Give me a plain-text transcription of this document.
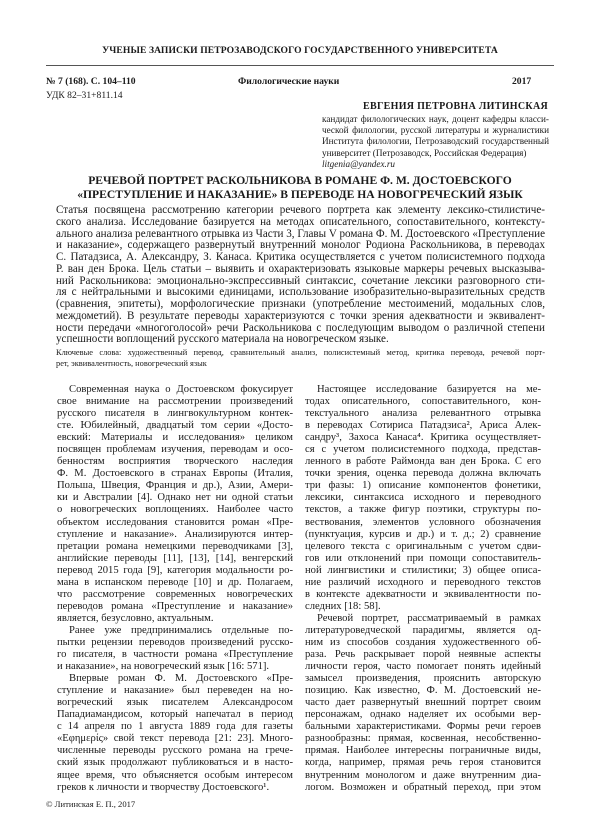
УЧЕНЫЕ ЗАПИСКИ ПЕТРОЗАВОДСКОГО ГОСУДАРСТВЕННОГО УНИВЕРСИТЕТА
№ 7 (168). С. 104–110	Филологические науки	2017
УДК 82–31+811.14
ЕВГЕНИЯ ПЕТРОВНА ЛИТИНСКАЯ
кандидат филологических наук, доцент кафедры класси-
ческой филологии, русской литературы и журналистики
Института филологии, Петрозаводский государственный
университет (Петрозаводск, Российская Федерация)
litgenia@yandex.ru
РЕЧЕВОЙ ПОРТРЕТ РАСКОЛЬНИКОВА В РОМАНЕ Ф. М. ДОСТОЕВСКОГО
«ПРЕСТУПЛЕНИЕ И НАКАЗАНИЕ» В ПЕРЕВОДЕ НА НОВОГРЕЧЕСКИЙ ЯЗЫК
Статья посвящена рассмотрению категории речевого портрета как элементу лексико-стилистиче-
ского анализа. Исследование базируется на методах описательного, сопоставительного, контексту-
ального анализа релевантного отрывка из Части 3, Главы V романа Ф. М. Достоевского «Преступление
и наказание», содержащего развернутый внутренний монолог Родиона Раскольникова, в переводах
С. Патадзиса, А. Александру, З. Канаса. Критика осуществляется с учетом полисистемного подхода
Р. ван ден Брока. Цель статьи – выявить и охарактеризовать языковые маркеры речевых высказыва-
ний Раскольникова: эмоционально-экспрессивный синтаксис, сочетание лексики разговорного сти-
ля с нейтральными и высокими единицами, использование изобразительно-выразительных средств
(сравнения, эпитеты), морфологические признаки (употребление местоимений, модальных слов,
междометий). В результате переводы характеризуются с точки зрения адекватности и эквивалент-
ности передачи «многоголосой» речи Раскольникова с последующим выводом о различной степени
успешности воплощений русского материала на новогреческом языке.
Ключевые слова: художественный перевод, сравнительный анализ, полисистемный метод, критика перевода, речевой порт-
рет, эквивалентность, новогреческий язык
Современная наука о Достоевском фокусирует
свое внимание на рассмотрении произведений
русского писателя в лингвокультурном контек-
сте. Юбилейный, двадцатый том серии «Досто-
евский: Материалы и исследования» целиком
посвящен проблемам изучения, переводам и осо-
бенностям восприятия творческого наследия
Ф. М. Достоевского в странах Европы (Италия,
Польша, Швеция, Франция и др.), Азии, Амери-
ки и Австралии [4]. Однако нет ни одной статьи
о новогреческих воплощениях. Наиболее часто
объектом исследования становится роман «Пре-
ступление и наказание». Анализируются интер-
претации романа немецкими переводчиками [3],
английские переводы [11], [13], [14], венгерский
перевод 2015 года [9], категория модальности ро-
мана в испанском переводе [10] и др. Полагаем,
что рассмотрение современных новогреческих
переводов романа «Преступление и наказание»
является, безусловно, актуальным.
Ранее уже предпринимались отдельные по-
пытки рецензии переводов произведений русско-
го писателя, в частности романа «Преступление
и наказание», на новогреческий язык [16: 571].
Впервые роман Ф. М. Достоевского «Пре-
ступление и наказание» был переведен на но-
вогреческий язык писателем Александросом
Пападиамандисом, который напечатал в период
с 14 апреля по 1 августа 1889 года для газеты
«Εφημερίς» свой текст перевода [21: 23]. Много-
численные переводы русского романа на грече-
ский язык продолжают публиковаться и в насто-
ящее время, что объясняется особым интересом
греков к личности и творчеству Достоевского¹.
Настоящее исследование базируется на ме-
тодах описательного, сопоставительного, кон-
текстуального анализа релевантного отрывка
в переводах Сотириса Патадзиса², Ариса Алек-
сандру³, Захоса Канаса⁴. Критика осуществляет-
ся с учетом полисистемного подхода, представ-
ленного в работе Раймонда ван ден Брока. С его
точки зрения, оценка перевода должна включать
три фазы: 1) описание компонентов фонетики,
лексики, синтаксиса исходного и переводного
текстов, а также фигур поэтики, структуры по-
вествования, элементов условного обозначения
(пунктуация, курсив и др.) и т. д.; 2) сравнение
целевого текста с оригинальным с учетом сдви-
гов или отклонений при помощи сопоставитель-
ной лингвистики и стилистики; 3) общее описа-
ние различий исходного и переводного текстов
в контексте адекватности и эквивалентности по-
следних [18: 58].
Речевой портрет, рассматриваемый в рамках
литературоведческой парадигмы, является од-
ним из способов создания художественного об-
раза. Речь раскрывает порой неявные аспекты
личности героя, часто помогает понять идейный
замысел произведения, прояснить авторскую
позицию. Как известно, Ф. М. Достоевский не-
часто дает развернутый внешний портрет своим
персонажам, однако наделяет их особыми вер-
бальными характеристиками. Формы речи героев
разнообразны: прямая, косвенная, несобственно-
прямая. Наиболее интересны пограничные виды,
когда, например, прямая речь героя становится
внутренним монологом и даже внутренним диа-
логом. Возможен и обратный переход, при этом
© Литинская Е. П., 2017
